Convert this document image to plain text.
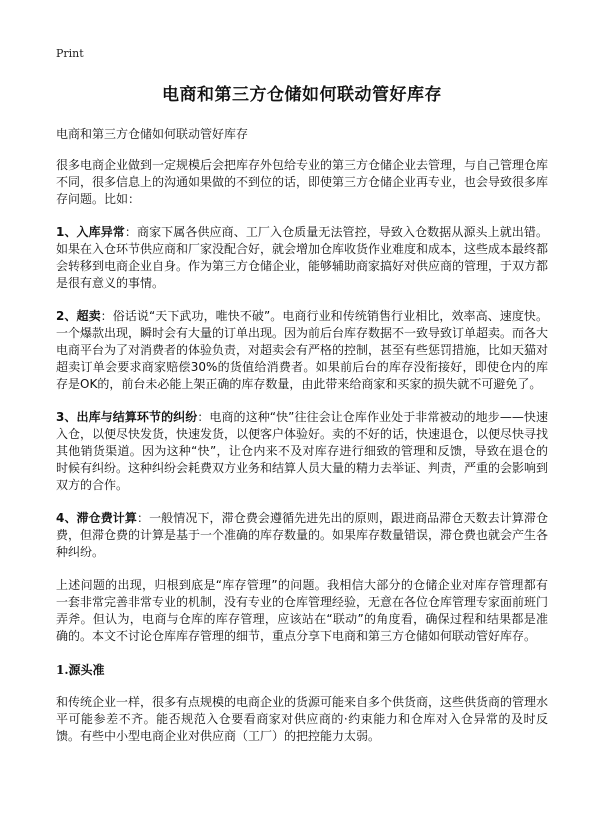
Print
电商和第三方仓储如何联动管好库存
电商和第三方仓储如何联动管好库存

很多电商企业做到一定规模后会把库存外包给专业的第三方仓储企业去管理，与自己管理仓库不同，很多信息上的沟通如果做的不到位的话，即使第三方仓储企业再专业，也会导致很多库存问题。比如：

1、入库异常：商家下属各供应商、工厂入仓质量无法管控，导致入仓数据从源头上就出错。如果在入仓环节供应商和厂家没配合好，就会增加仓库收货作业难度和成本，这些成本最终都会转移到电商企业自身。作为第三方仓储企业，能够辅助商家搞好对供应商的管理，于双方都是很有意义的事情。

2、超卖：俗话说“天下武功，唯快不破”。电商行业和传统销售行业相比，效率高、速度快。一个爆款出现，瞬时会有大量的订单出现。因为前后台库存数据不一致导致订单超卖。而各大电商平台为了对消费者的体验负责，对超卖会有严格的控制，甚至有些惩罚措施，比如天猫对超卖订单会要求商家赔偿30%的货值给消费者。如果前后台的库存没衔接好，即使仓内的库存是OK的，前台未必能上架正确的库存数量，由此带来给商家和买家的损失就不可避免了。

3、出库与结算环节的纠纷：电商的这种“快”往往会让仓库作业处于非常被动的地步——快速入仓，以便尽快发货，快速发货，以便客户体验好。卖的不好的话，快速退仓，以便尽快寻找其他销货渠道。因为这种“快”，让仓内来不及对库存进行细致的管理和反馈，导致在退仓的时候有纠纷。这种纠纷会耗费双方业务和结算人员大量的精力去举证、判责，严重的会影响到双方的合作。

4、滞仓费计算：一般情况下，滞仓费会遵循先进先出的原则，跟进商品滞仓天数去计算滞仓费，但滞仓费的计算是基于一个准确的库存数量的。如果库存数量错误，滞仓费也就会产生各种纠纷。

上述问题的出现，归根到底是“库存管理”的问题。我相信大部分的仓储企业对库存管理都有一套非常完善非常专业的机制，没有专业的仓库管理经验，无意在各位仓库管理专家面前班门弄斧。但认为，电商与仓库的库存管理，应该站在“联动”的角度看，确保过程和结果都是准确的。本文不讨论仓库库存管理的细节，重点分享下电商和第三方仓储如何联动管好库存。

1.源头准

和传统企业一样，很多有点规模的电商企业的货源可能来自多个供货商，这些供货商的管理水平可能参差不齐。能否规范入仓要看商家对供应商的·约束能力和仓库对入仓异常的及时反馈。有些中小型电商企业对供应商（工厂）的把控能力太弱。
